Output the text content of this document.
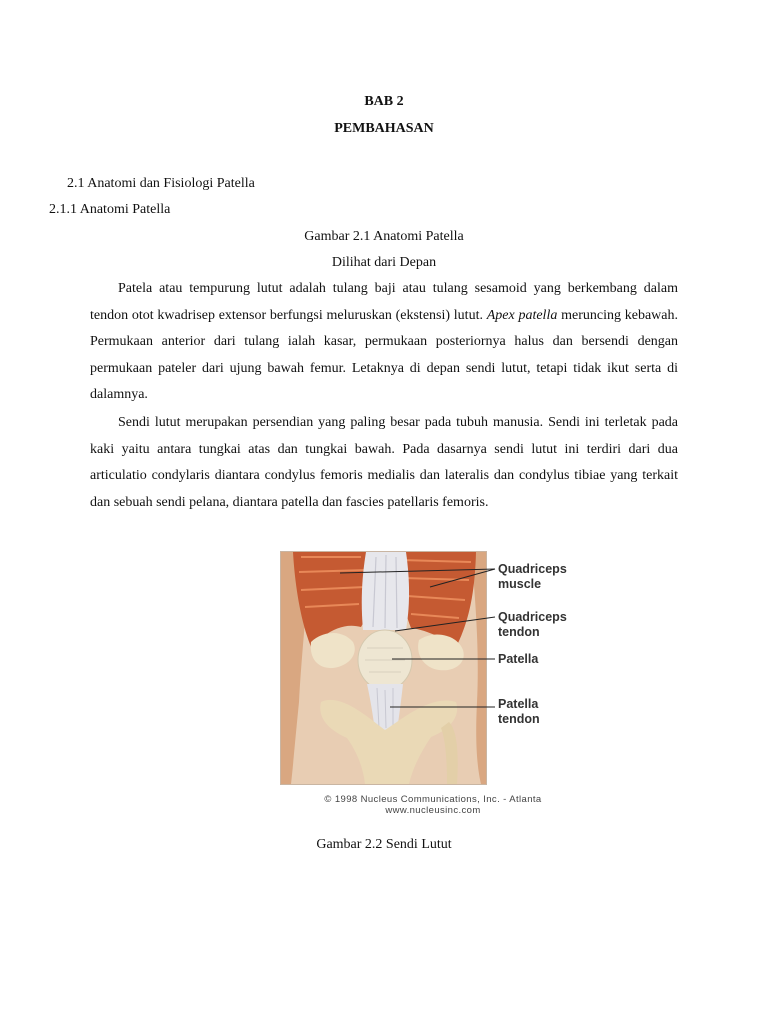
BAB 2
PEMBAHASAN
2.1 Anatomi dan Fisiologi Patella
2.1.1 Anatomi Patella
Gambar 2.1 Anatomi Patella
Dilihat dari Depan

Patela atau tempurung lutut adalah tulang baji atau tulang sesamoid yang berkembang dalam tendon otot kwadrisep extensor berfungsi meluruskan (ekstensi) lutut. Apex patella meruncing kebawah. Permukaan anterior dari tulang ialah kasar, permukaan posteriornya halus dan bersendi dengan permukaan pateler dari ujung bawah femur. Letaknya di depan sendi lutut, tetapi tidak ikut serta di dalamnya.

Sendi lutut merupakan persendian yang paling besar pada tubuh manusia. Sendi ini terletak pada kaki yaitu antara tungkai atas dan tungkai bawah. Pada dasarnya sendi lutut ini terdiri dari dua articulatio condylaris diantara condylus femoris medialis dan lateralis dan condylus tibiae yang terkait dan sebuah sendi pelana, diantara patella dan fascies patellaris femoris.

Quadriceps
muscle
Quadriceps
tendon
Patella
Patella
tendon
© 1998 Nucleus Communications, Inc. - Atlanta
www.nucleusinc.com
Gambar 2.2 Sendi Lutut
